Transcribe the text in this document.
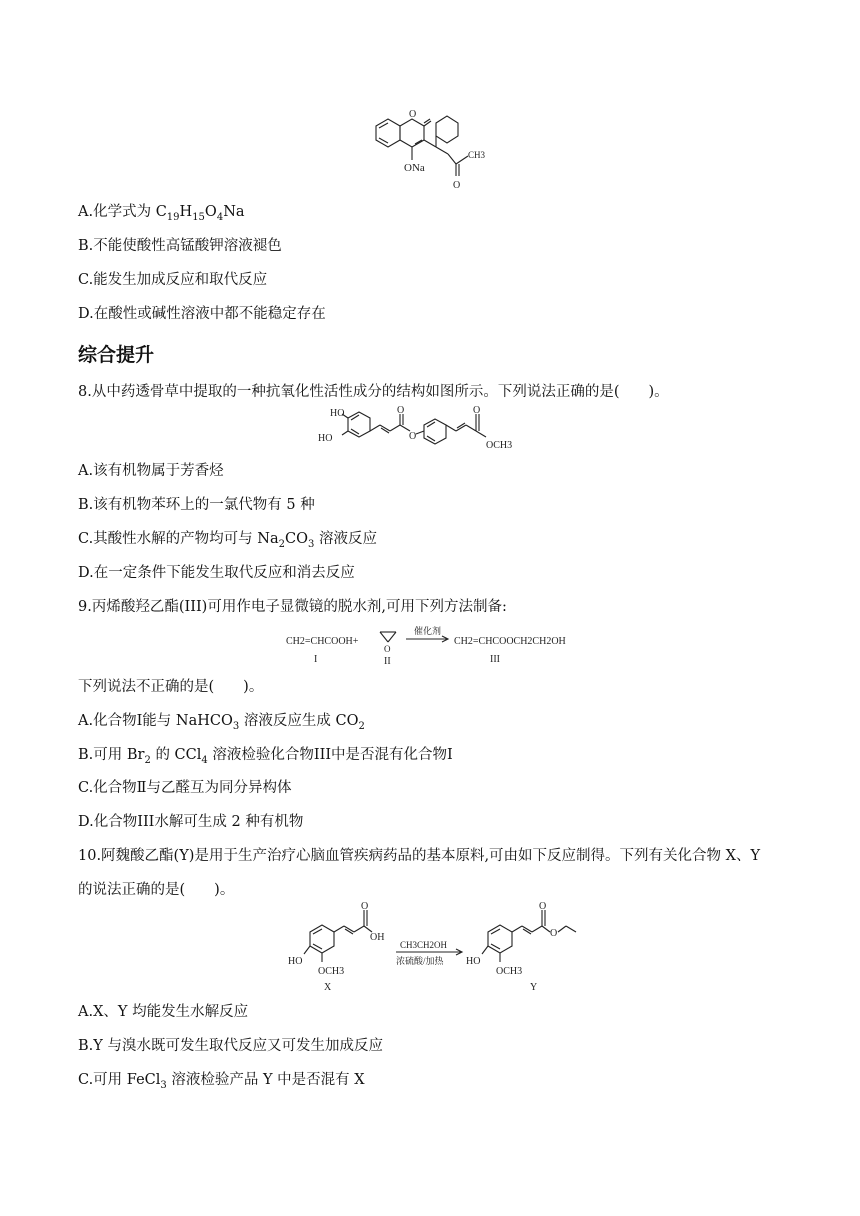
O
ONa
CH3
O
A.化学式为 $C_{19}H_{15}O_4Na$
B.不能使酸性高锰酸钾溶液褪色
C.能发生加成反应和取代反应
D.在酸性或碱性溶液中都不能稳定存在
综合提升
8.从中药透骨草中提取的一种抗氧化性活性成分的结构如图所示。下列说法正确的是(　　)。
HO
HO
O
O
O
OCH3
A.该有机物属于芳香烃
B.该有机物苯环上的一氯代物有 5 种
C.其酸性水解的产物均可与 $Na_2CO_3$ 溶液反应
D.在一定条件下能发生取代反应和消去反应
9.丙烯酸羟乙酯(III)可用作电子显微镜的脱水剂,可用下列方法制备:
CH2=CHCOOH+
I
O
II
催化剂
CH2=CHCOOCH2CH2OH
III
下列说法不正确的是(　　)。
A.化合物Ⅰ能与 NaHCO$_3$ 溶液反应生成 $CO_2$
B.可用 $Br_2$ 的 CCl$_4$ 溶液检验化合物III中是否混有化合物Ⅰ
C.化合物Ⅱ与乙醛互为同分异构体
D.化合物III水解可生成 2 种有机物
10.阿魏酸乙酯(Y)是用于生产治疗心脑血管疾病药品的基本原料,可由如下反应制得。下列有关化合物 X、Y
的说法正确的是(　　)。
O
OH
HO
OCH3
X
CH3CH2OH
浓硫酸/加热
O
O
HO
OCH3
Y
A.X、Y 均能发生水解反应
B.Y 与溴水既可发生取代反应又可发生加成反应
C.可用 FeCl$_3$ 溶液检验产品 Y 中是否混有 X
